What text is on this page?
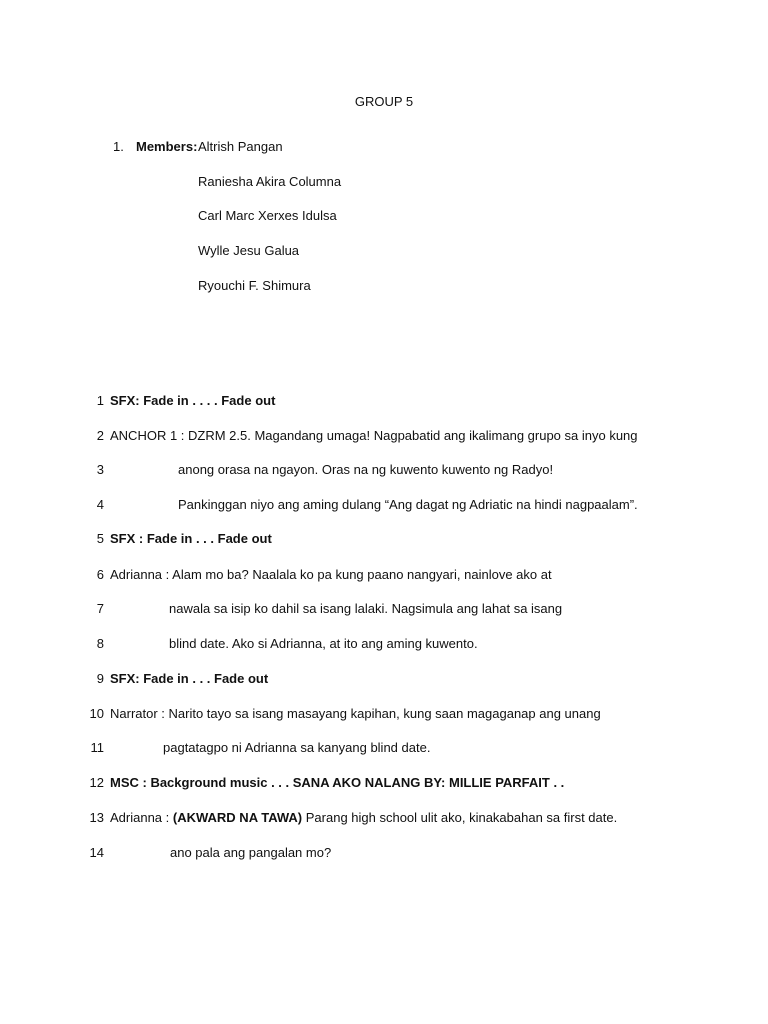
GROUP 5
1. Members: Altrish Pangan
Raniesha Akira Columna
Carl Marc Xerxes Idulsa
Wylle Jesu Galua
Ryouchi F. Shimura
1 SFX: Fade in . . . . Fade out
2 ANCHOR 1 : DZRM 2.5. Magandang umaga! Nagpabatid ang ikalimang grupo sa inyo kung
3	anong orasa na ngayon. Oras na ng kuwento kuwento ng Radyo!
4	Pankinggan niyo ang aming dulang “Ang dagat ng Adriatic na hindi nagpaalam”.
5 SFX : Fade in . . . Fade out
6 Adrianna : Alam mo ba? Naalala ko pa kung paano nangyari, nainlove ako at
7	nawala sa isip ko dahil sa isang lalaki. Nagsimula ang lahat sa isang
8	blind date. Ako si Adrianna, at ito ang aming kuwento.
9 SFX: Fade in . . . Fade out
10 Narrator : Narito tayo sa isang masayang kapihan, kung saan magaganap ang unang
11	pagtatagpo ni Adrianna sa kanyang blind date.
12 MSC : Background music . . . SANA AKO NALANG BY: MILLIE PARFAIT . .
13 Adrianna : (AKWARD NA TAWA) Parang high school ulit ako, kinakabahan sa first date.
14	ano pala ang pangalan mo?
